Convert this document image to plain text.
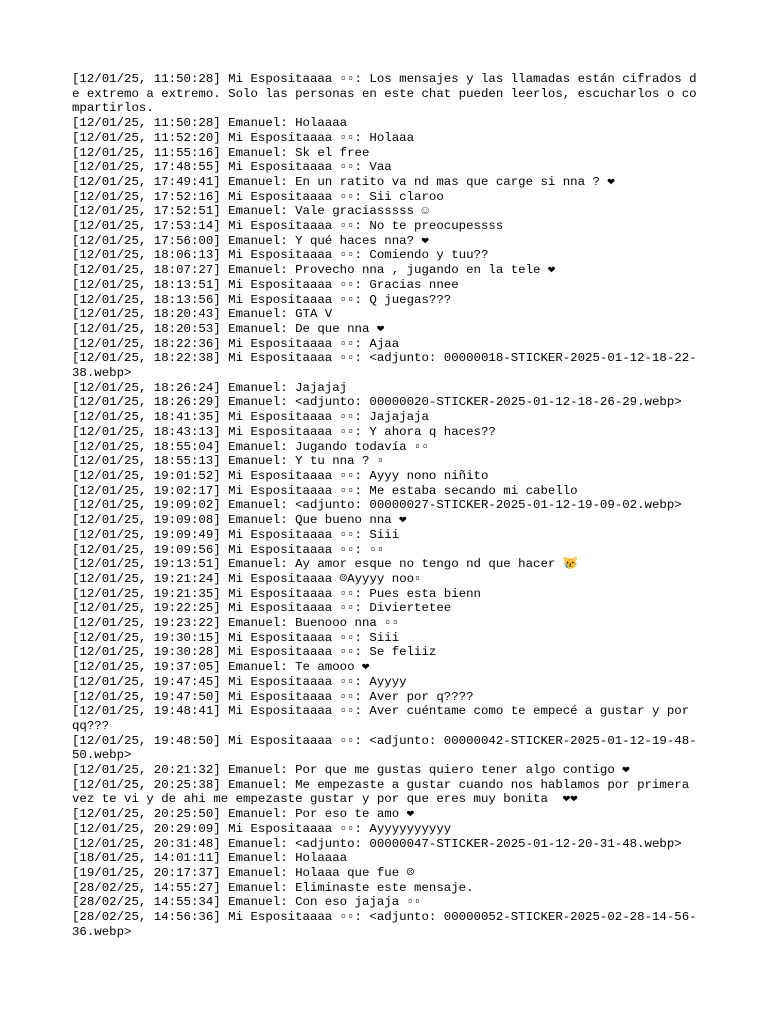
[12/01/25, 11:50:28] Mi Espositaaaa ▫▫: Los mensajes y las llamadas están cifrados de extremo a extremo. Solo las personas en este chat pueden leerlos, escucharlos o compartirlos.

[12/01/25, 11:50:28] Emanuel: Holaaaa

[12/01/25, 11:52:20] Mi Espositaaaa ▫▫: Holaaa

[12/01/25, 11:55:16] Emanuel: Sk el free

[12/01/25, 17:48:55] Mi Espositaaaa ▫▫: Vaa

[12/01/25, 17:49:41] Emanuel: En un ratito va nd mas que carge si nna ? ❤

[12/01/25, 17:52:16] Mi Espositaaaa ▫▫: Sii claroo

[12/01/25, 17:52:51] Emanuel: Vale graciasssss ☺

[12/01/25, 17:53:14] Mi Espositaaaa ▫▫: No te preocupessss

[12/01/25, 17:56:00] Emanuel: Y qué haces nna? ❤

[12/01/25, 18:06:13] Mi Espositaaaa ▫▫: Comiendo y tuu??

[12/01/25, 18:07:27] Emanuel: Provecho nna , jugando en la tele ❤

[12/01/25, 18:13:51] Mi Espositaaaa ▫▫: Gracias nnee

[12/01/25, 18:13:56] Mi Espositaaaa ▫▫: Q juegas???

[12/01/25, 18:20:43] Emanuel: GTA V

[12/01/25, 18:20:53] Emanuel: De que nna ❤

[12/01/25, 18:22:36] Mi Espositaaaa ▫▫: Ajaa

[12/01/25, 18:22:38] Mi Espositaaaa ▫▫: <adjunto: 00000018-STICKER-2025-01-12-18-22-38.webp>

[12/01/25, 18:26:24] Emanuel: Jajajaj

[12/01/25, 18:26:29] Emanuel: <adjunto: 00000020-STICKER-2025-01-12-18-26-29.webp>

[12/01/25, 18:41:35] Mi Espositaaaa ▫▫: Jajajaja

[12/01/25, 18:43:13] Mi Espositaaaa ▫▫: Y ahora q haces??

[12/01/25, 18:55:04] Emanuel: Jugando todavía ▫▫

[12/01/25, 18:55:13] Emanuel: Y tu nna ? ▫

[12/01/25, 19:01:52] Mi Espositaaaa ▫▫: Ayyy nono niñito

[12/01/25, 19:02:17] Mi Espositaaaa ▫▫: Me estaba secando mi cabello

[12/01/25, 19:09:02] Emanuel: <adjunto: 00000027-STICKER-2025-01-12-19-09-02.webp>

[12/01/25, 19:09:08] Emanuel: Que bueno nna ❤

[12/01/25, 19:09:49] Mi Espositaaaa ▫▫: Siii

[12/01/25, 19:09:56] Mi Espositaaaa ▫▫: ▫▫

[12/01/25, 19:13:51] Emanuel: Ay amor esque no tengo nd que hacer 😿

[12/01/25, 19:21:24] Mi Espositaaaa ☹Ayyyy noo▫

[12/01/25, 19:21:35] Mi Espositaaaa ▫▫: Pues esta bienn

[12/01/25, 19:22:25] Mi Espositaaaa ▫▫: Diviertetee

[12/01/25, 19:23:22] Emanuel: Buenooo nna ▫▫

[12/01/25, 19:30:15] Mi Espositaaaa ▫▫: Siii

[12/01/25, 19:30:28] Mi Espositaaaa ▫▫: Se feliiz

[12/01/25, 19:37:05] Emanuel: Te amooo ❤

[12/01/25, 19:47:45] Mi Espositaaaa ▫▫: Ayyyy

[12/01/25, 19:47:50] Mi Espositaaaa ▫▫: Aver por q????

[12/01/25, 19:48:41] Mi Espositaaaa ▫▫: Aver cuéntame como te empecé a gustar y por qq???

[12/01/25, 19:48:50] Mi Espositaaaa ▫▫: <adjunto: 00000042-STICKER-2025-01-12-19-48-50.webp>

[12/01/25, 20:21:32] Emanuel: Por que me gustas quiero tener algo contigo ❤

[12/01/25, 20:25:38] Emanuel: Me empezaste a gustar cuando nos hablamos por primera vez te vi y de ahi me empezaste gustar y por que eres muy bonita  ❤❤

[12/01/25, 20:25:50] Emanuel: Por eso te amo ❤

[12/01/25, 20:29:09] Mi Espositaaaa ▫▫: Ayyyyyyyyyy

[12/01/25, 20:31:48] Emanuel: <adjunto: 00000047-STICKER-2025-01-12-20-31-48.webp>

[18/01/25, 14:01:11] Emanuel: Holaaaa

[19/01/25, 20:17:37] Emanuel: Holaaa que fue ☹

[28/02/25, 14:55:27] Emanuel: Eliminaste este mensaje.

[28/02/25, 14:55:34] Emanuel: Con eso jajaja ▫▫

[28/02/25, 14:56:36] Mi Espositaaaa ▫▫: <adjunto: 00000052-STICKER-2025-02-28-14-56-36.webp>
